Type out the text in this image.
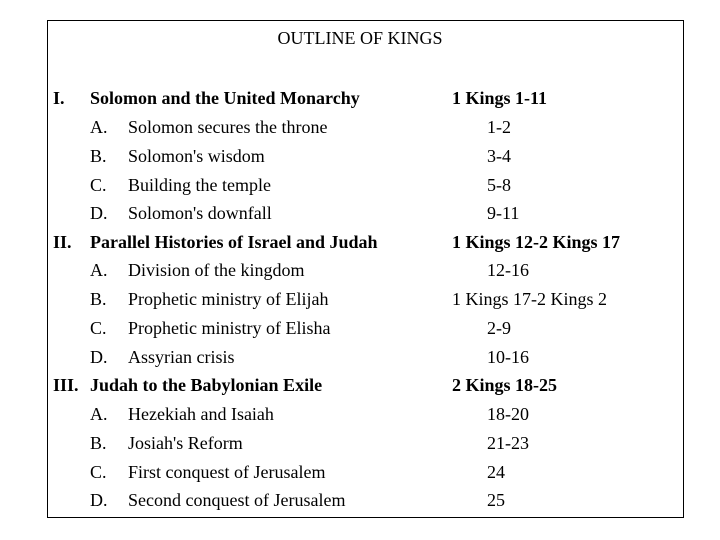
OUTLINE OF KINGS
I. Solomon and the United Monarchy	1 Kings 1-11
A. Solomon secures the throne	1-2
B. Solomon's wisdom	3-4
C. Building the temple	5-8
D. Solomon's downfall	9-11
II. Parallel Histories of Israel and Judah	1 Kings 12-2 Kings 17
A. Division of the kingdom	12-16
B. Prophetic ministry of Elijah	1 Kings 17-2 Kings 2
C. Prophetic ministry of Elisha	2-9
D. Assyrian crisis	10-16
III. Judah to the Babylonian Exile	2 Kings 18-25
A. Hezekiah and Isaiah	18-20
B. Josiah's Reform	21-23
C. First conquest of Jerusalem	24
D. Second conquest of Jerusalem	25
